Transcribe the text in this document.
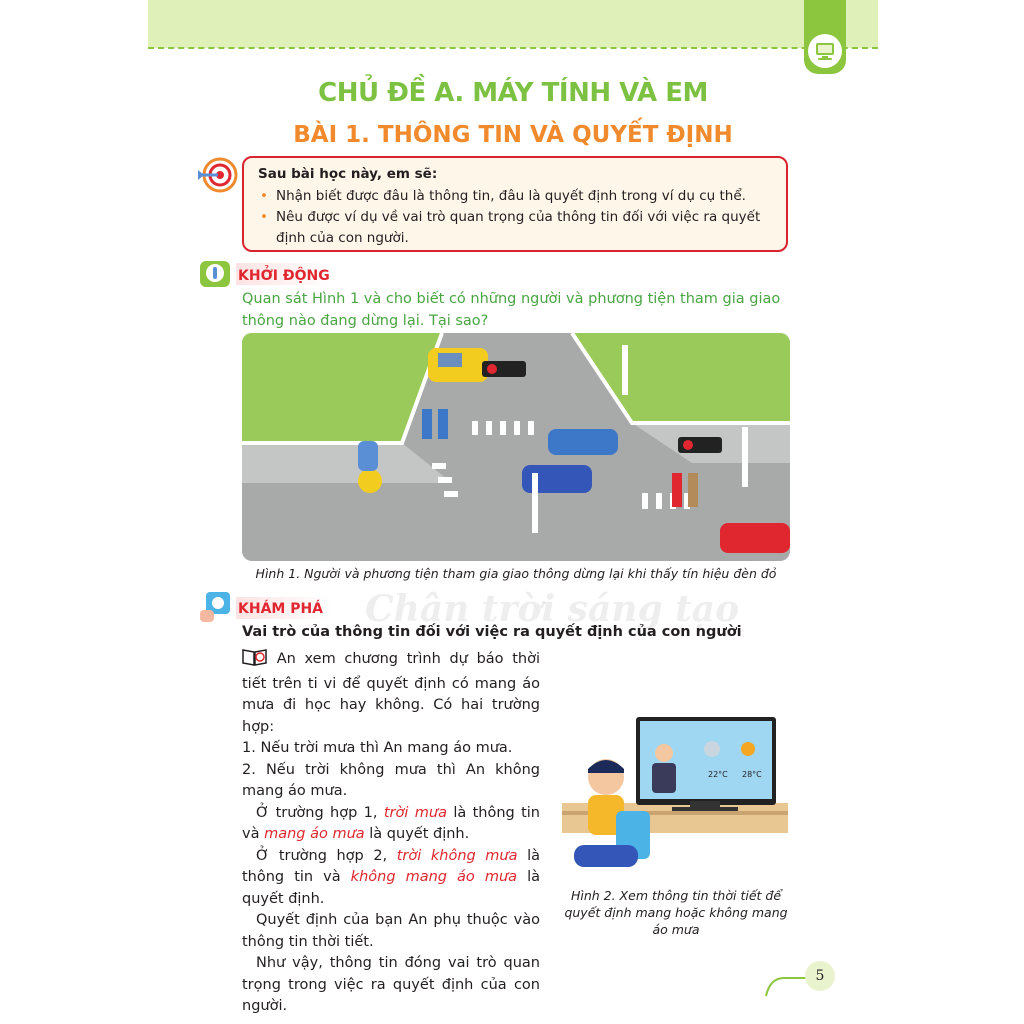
CHỦ ĐỀ A. MÁY TÍNH VÀ EM
BÀI 1. THÔNG TIN VÀ QUYẾT ĐỊNH
Sau bài học này, em sẽ:
• Nhận biết được đâu là thông tin, đâu là quyết định trong ví dụ cụ thể.
• Nêu được ví dụ về vai trò quan trọng của thông tin đối với việc ra quyết định của con người.
KHỞI ĐỘNG
Quan sát Hình 1 và cho biết có những người và phương tiện tham gia giao thông nào đang dừng lại. Tại sao?
Hình 1. Người và phương tiện tham gia giao thông dừng lại khi thấy tín hiệu đèn đỏ
Chân trời sáng tạo
KHÁM PHÁ
Vai trò của thông tin đối với việc ra quyết định của con người

An xem chương trình dự báo thời tiết trên ti vi để quyết định có mang áo mưa đi học hay không. Có hai trường hợp:

1. Nếu trời mưa thì An mang áo mưa.

2. Nếu trời không mưa thì An không mang áo mưa.

Ở trường hợp 1, trời mưa là thông tin và mang áo mưa là quyết định.

Ở trường hợp 2, trời không mưa là thông tin và không mang áo mưa là quyết định.

Quyết định của bạn An phụ thuộc vào thông tin thời tiết.

Như vậy, thông tin đóng vai trò quan trọng trong việc ra quyết định của con người.

22°C 28°C
Hình 2. Xem thông tin thời tiết để quyết định mang hoặc không mang áo mưa
5
